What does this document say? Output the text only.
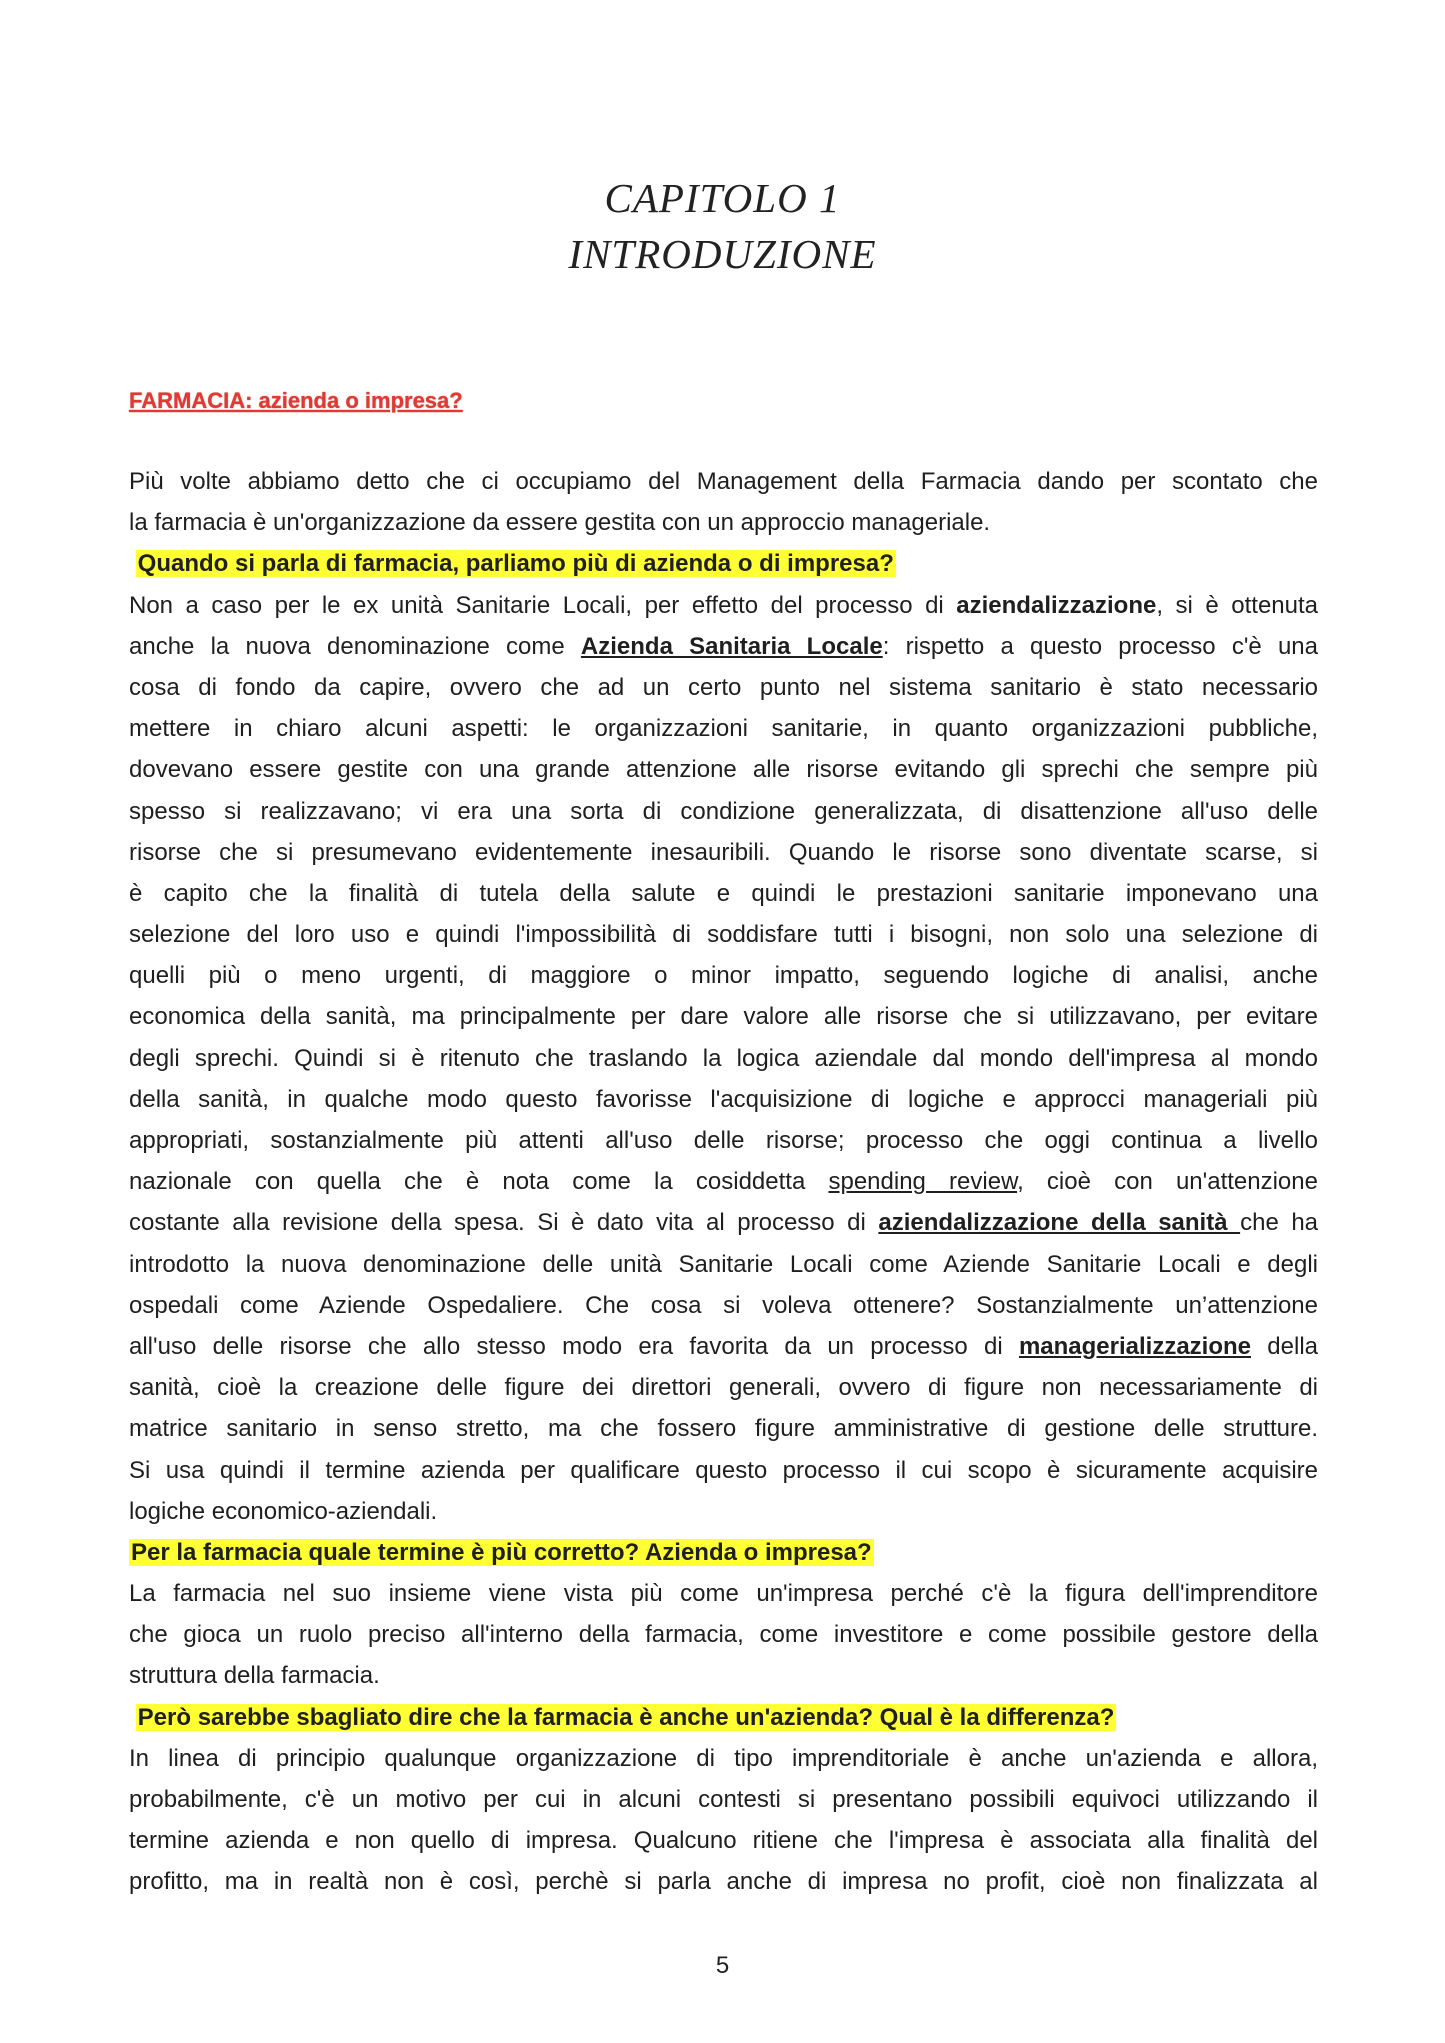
CAPITOLO 1
INTRODUZIONE
FARMACIA: azienda o impresa?
Più volte abbiamo detto che ci occupiamo del Management della Farmacia dando per scontato che
la farmacia è un'organizzazione da essere gestita con un approccio manageriale.
Quando si parla di farmacia, parliamo più di azienda o di impresa?
Non a caso per le ex unità Sanitarie Locali, per effetto del processo di aziendalizzazione, si è ottenuta
anche la nuova denominazione come Azienda Sanitaria Locale: rispetto a questo processo c'è una
cosa di fondo da capire, ovvero che ad un certo punto nel sistema sanitario è stato necessario
mettere in chiaro alcuni aspetti: le organizzazioni sanitarie, in quanto organizzazioni pubbliche,
dovevano essere gestite con una grande attenzione alle risorse evitando gli sprechi che sempre più
spesso si realizzavano; vi era una sorta di condizione generalizzata, di disattenzione all'uso delle
risorse che si presumevano evidentemente inesauribili. Quando le risorse sono diventate scarse, si
è capito che la finalità di tutela della salute e quindi le prestazioni sanitarie imponevano una
selezione del loro uso e quindi l'impossibilità di soddisfare tutti i bisogni, non solo una selezione di
quelli più o meno urgenti, di maggiore o minor impatto, seguendo logiche di analisi, anche
economica della sanità, ma principalmente per dare valore alle risorse che si utilizzavano, per evitare
degli sprechi. Quindi si è ritenuto che traslando la logica aziendale dal mondo dell'impresa al mondo
della sanità, in qualche modo questo favorisse l'acquisizione di logiche e approcci manageriali più
appropriati, sostanzialmente più attenti all'uso delle risorse; processo che oggi continua a livello
nazionale con quella che è nota come la cosiddetta spending review, cioè con un'attenzione
costante alla revisione della spesa. Si è dato vita al processo di aziendalizzazione della sanità che ha
introdotto la nuova denominazione delle unità Sanitarie Locali come Aziende Sanitarie Locali e degli
ospedali come Aziende Ospedaliere. Che cosa si voleva ottenere? Sostanzialmente un’attenzione
all'uso delle risorse che allo stesso modo era favorita da un processo di managerializzazione della
sanità, cioè la creazione delle figure dei direttori generali, ovvero di figure non necessariamente di
matrice sanitario in senso stretto, ma che fossero figure amministrative di gestione delle strutture.
Si usa quindi il termine azienda per qualificare questo processo il cui scopo è sicuramente acquisire
logiche economico-aziendali.
Per la farmacia quale termine è più corretto? Azienda o impresa?
La farmacia nel suo insieme viene vista più come un'impresa perché c'è la figura dell'imprenditore
che gioca un ruolo preciso all'interno della farmacia, come investitore e come possibile gestore della
struttura della farmacia.
Però sarebbe sbagliato dire che la farmacia è anche un'azienda? Qual è la differenza?
In linea di principio qualunque organizzazione di tipo imprenditoriale è anche un'azienda e allora,
probabilmente, c'è un motivo per cui in alcuni contesti si presentano possibili equivoci utilizzando il
termine azienda e non quello di impresa. Qualcuno ritiene che l'impresa è associata alla finalità del
profitto, ma in realtà non è così, perchè si parla anche di impresa no profit, cioè non finalizzata al
5
